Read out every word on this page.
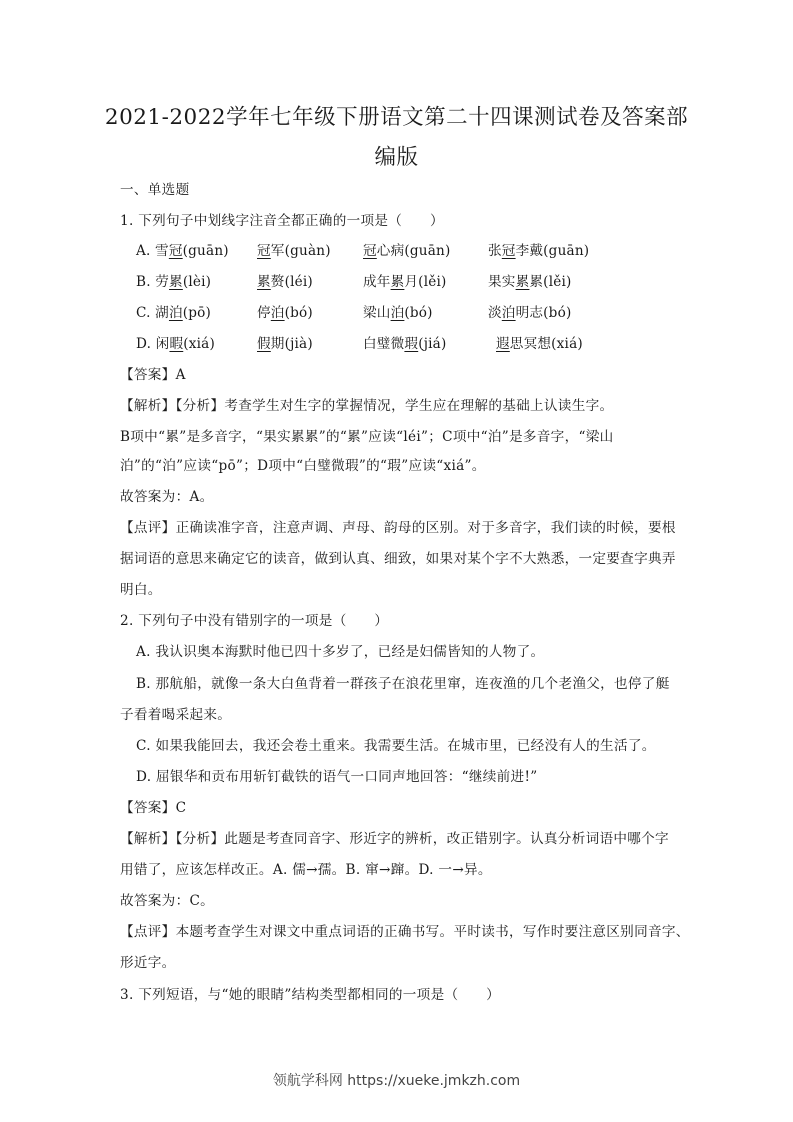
2021-2022学年七年级下册语文第二十四课测试卷及答案部
编版
一、单选题
1. 下列句子中划线字注音全都正确的一项是（　　）
A. 雪冠(guān) 冠军(guàn) 冠心病(guān)	张冠李戴(guān)
B. 劳累(lèi)	累赘(léi)	成年累月(lěi)	果实累累(lěi)
C. 湖泊(pō)	停泊(bó)	梁山泊(bó)	淡泊明志(bó)
D. 闲暇(xiá)	假期(jià)	白璧微瑕(jiá)	遐思冥想(xiá)
【答案】A
【解析】【分析】考查学生对生字的掌握情况，学生应在理解的基础上认读生字。
B项中“累”是多音字，“果实累累”的“累”应读“léi”；C项中“泊”是多音字，“梁山
泊”的“泊”应读“pō”；D项中“白璧微瑕”的“瑕”应读“xiá”。
故答案为：A。
【点评】正确读准字音，注意声调、声母、韵母的区别。对于多音字，我们读的时候，要根
据词语的意思来确定它的读音，做到认真、细致，如果对某个字不大熟悉，一定要查字典弄
明白。
2. 下列句子中没有错别字的一项是（　　）
A. 我认识奥本海默时他已四十多岁了，已经是妇儒皆知的人物了。
B. 那航船，就像一条大白鱼背着一群孩子在浪花里窜，连夜渔的几个老渔父，也停了艇
子看着喝采起来。
C. 如果我能回去，我还会卷土重来。我需要生活。在城市里，已经没有人的生活了。
D. 屈银华和贡布用斩钉截铁的语气一口同声地回答：“继续前进!”
【答案】C
【解析】【分析】此题是考查同音字、形近字的辨析，改正错别字。认真分析词语中哪个字
用错了，应该怎样改正。A. 儒→孺。B. 窜→蹿。D. 一→异。
故答案为：C。
【点评】本题考查学生对课文中重点词语的正确书写。平时读书，写作时要注意区别同音字、
形近字。
3. 下列短语，与“她的眼睛”结构类型都相同的一项是（　　）
领航学科网 https://xueke.jmkzh.com
